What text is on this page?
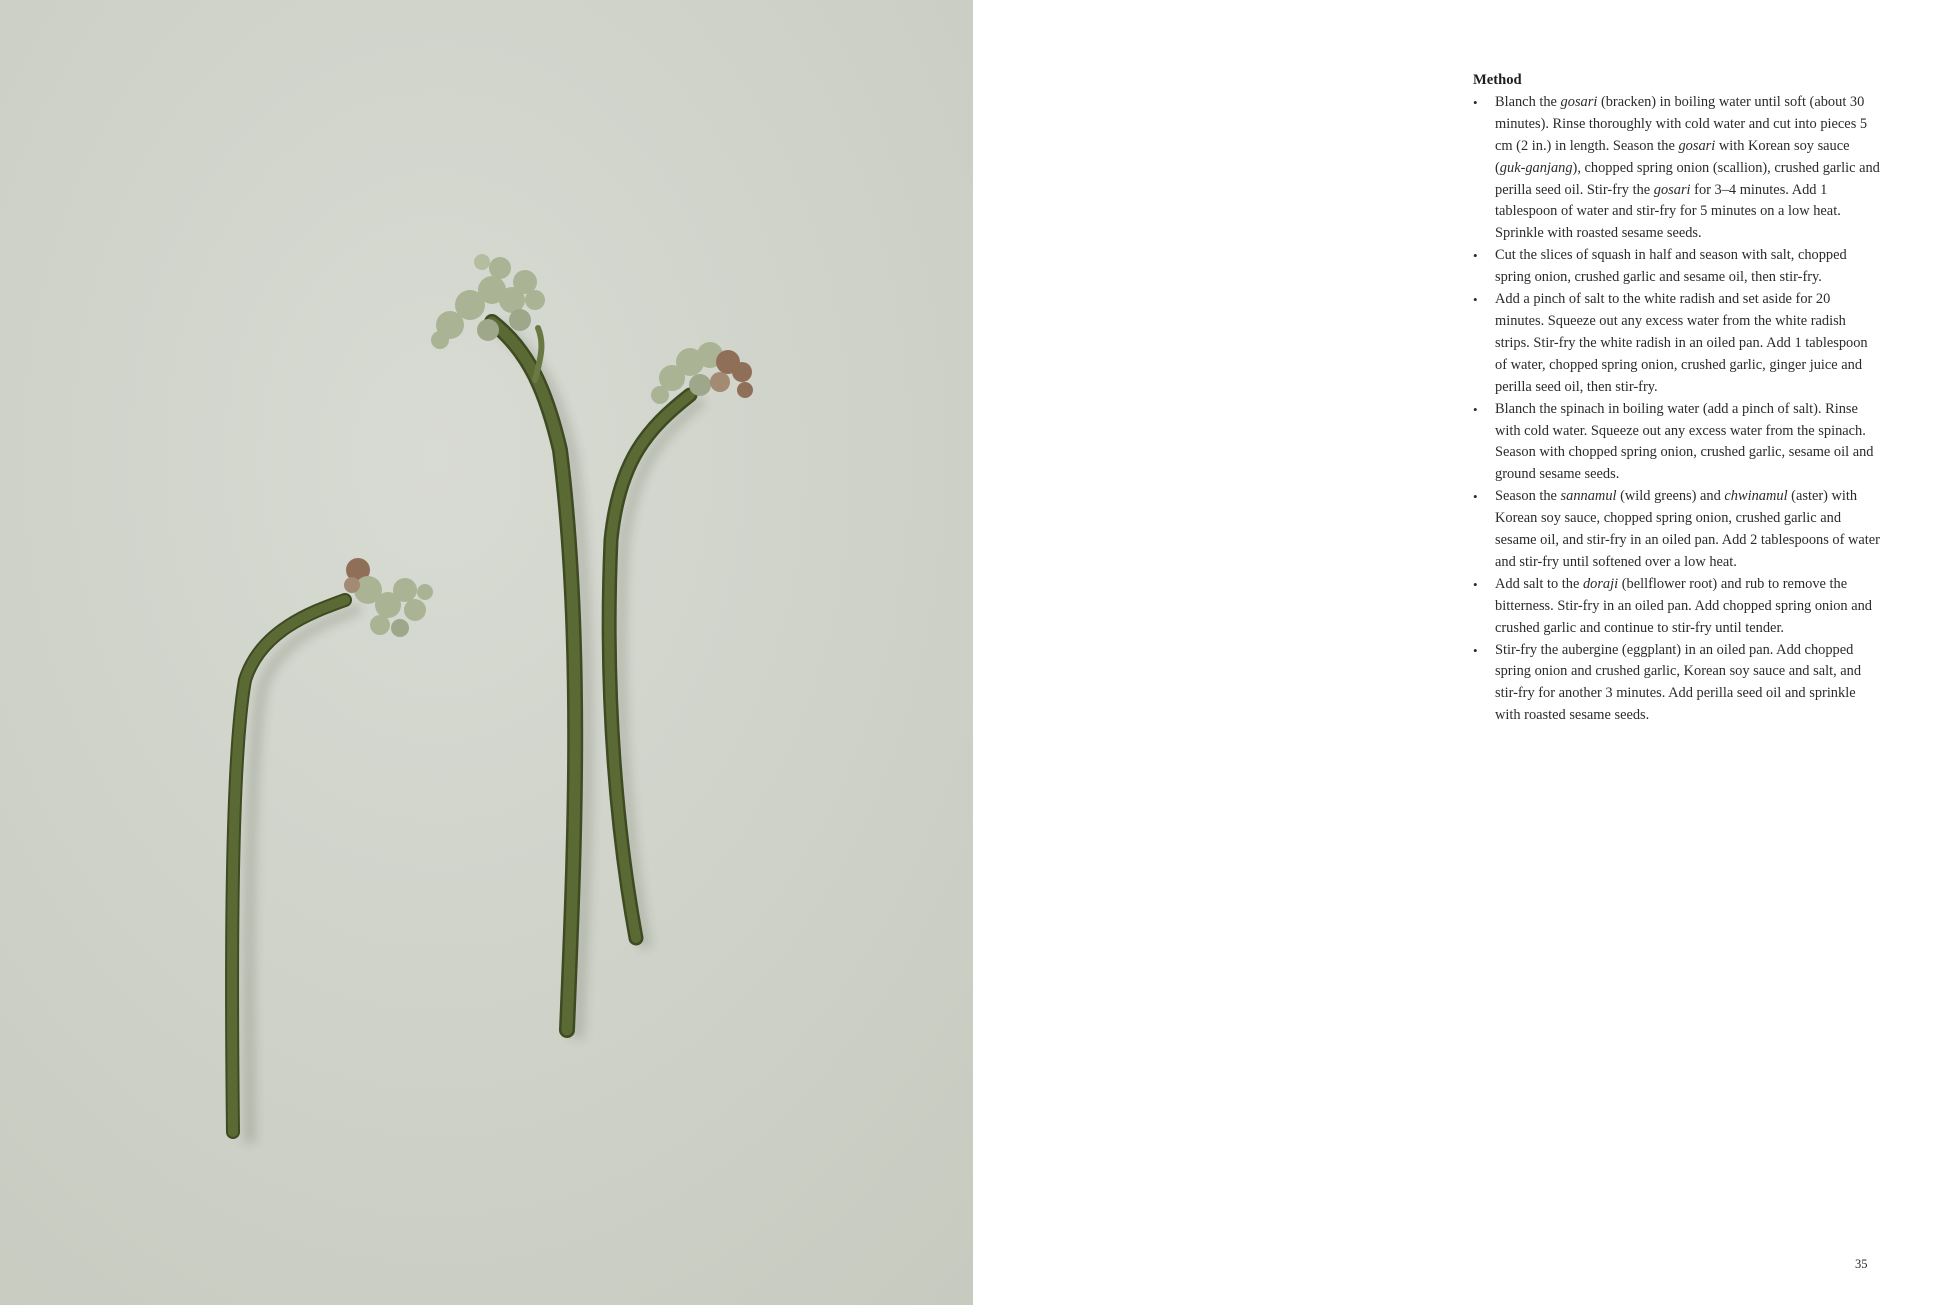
Method

• Blanch the gosari (bracken) in boiling water until soft (about 30 minutes). Rinse thoroughly with cold water and cut into pieces 5 cm (2 in.) in length. Season the gosari with Korean soy sauce (guk-ganjang), chopped spring onion (scallion), crushed garlic and perilla seed oil. Stir-fry the gosari for 3–4 minutes. Add 1 tablespoon of water and stir-fry for 5 minutes on a low heat. Sprinkle with roasted sesame seeds.
• Cut the slices of squash in half and season with salt, chopped spring onion, crushed garlic and sesame oil, then stir-fry.
• Add a pinch of salt to the white radish and set aside for 20 minutes. Squeeze out any excess water from the white radish strips. Stir-fry the white radish in an oiled pan. Add 1 tablespoon of water, chopped spring onion, crushed garlic, ginger juice and perilla seed oil, then stir-fry.
• Blanch the spinach in boiling water (add a pinch of salt). Rinse with cold water. Squeeze out any excess water from the spinach. Season with chopped spring onion, crushed garlic, sesame oil and ground sesame seeds.
• Season the sannamul (wild greens) and chwinamul (aster) with Korean soy sauce, chopped spring onion, crushed garlic and sesame oil, and stir-fry in an oiled pan. Add 2 tablespoons of water and stir-fry until softened over a low heat.
• Add salt to the doraji (bellflower root) and rub to remove the bitterness. Stir-fry in an oiled pan. Add chopped spring onion and crushed garlic and continue to stir-fry until tender.
• Stir-fry the aubergine (eggplant) in an oiled pan. Add chopped spring onion and crushed garlic, Korean soy sauce and salt, and stir-fry for another 3 minutes. Add perilla seed oil and sprinkle with roasted sesame seeds.
35
